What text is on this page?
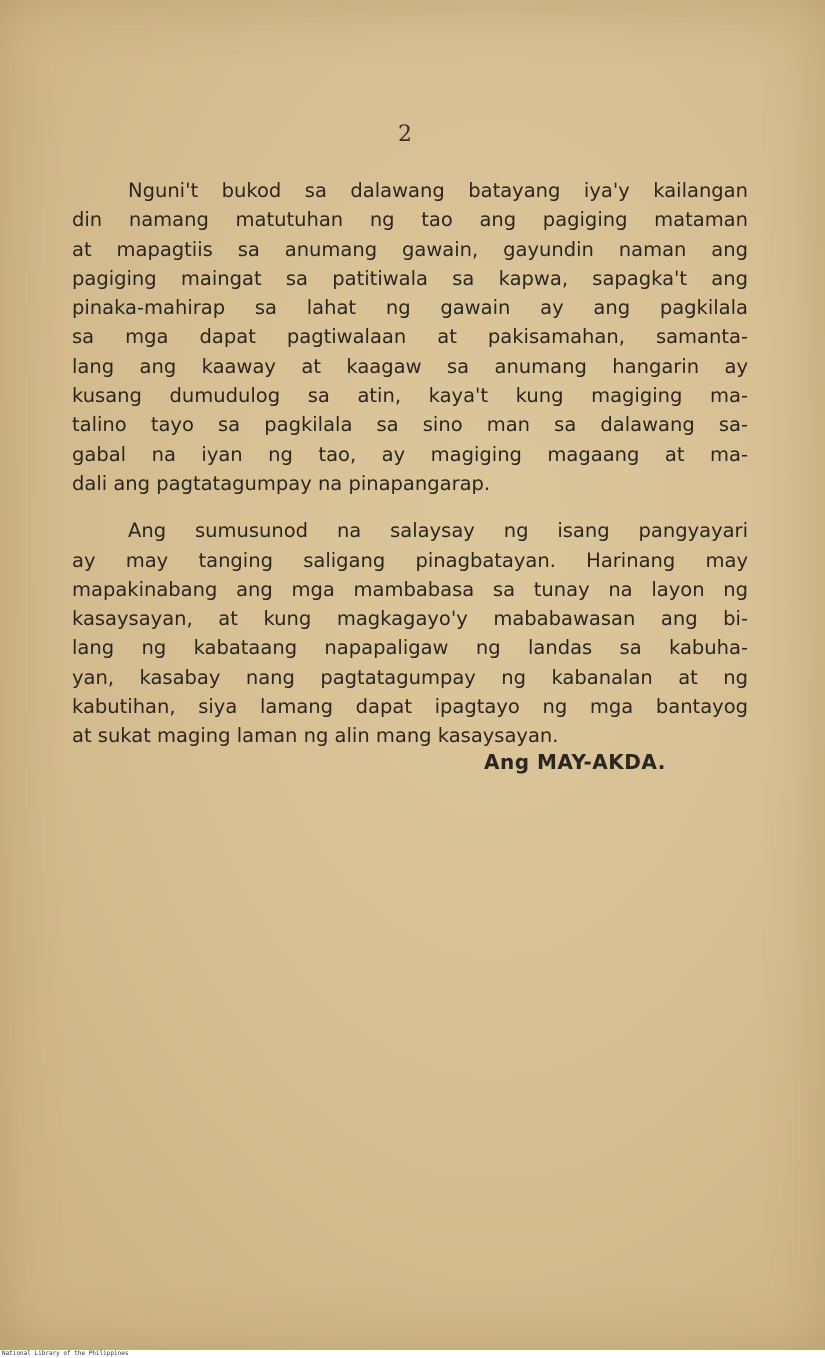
2
Nguni't bukod sa dalawang batayang iya'y kailangan
din namang matutuhan ng tao ang pagiging mataman
at mapagtiis sa anumang gawain, gayundin naman ang
pagiging maingat sa patitiwala sa kapwa, sapagka't ang
pinaka-mahirap sa lahat ng gawain ay ang pagkilala
sa mga dapat pagtiwalaan at pakisamahan, samanta-
lang ang kaaway at kaagaw sa anumang hangarin ay
kusang dumudulog sa atin, kaya't kung magiging ma-
talino tayo sa pagkilala sa sino man sa dalawang sa-
gabal na iyan ng tao, ay magiging magaang at ma-
dali ang pagtatagumpay na pinapangarap.
Ang sumusunod na salaysay ng isang pangyayari
ay may tanging saligang pinagbatayan. Harinang may
mapakinabang ang mga mambabasa sa tunay na layon ng
kasaysayan, at kung magkagayo'y mababawasan ang bi-
lang ng kabataang napapaligaw ng landas sa kabuha-
yan, kasabay nang pagtatagumpay ng kabanalan at ng
kabutihan, siya lamang dapat ipagtayo ng mga bantayog
at sukat maging laman ng alin mang kasaysayan.
Ang MAY-AKDA.
National Library of the Philippines
